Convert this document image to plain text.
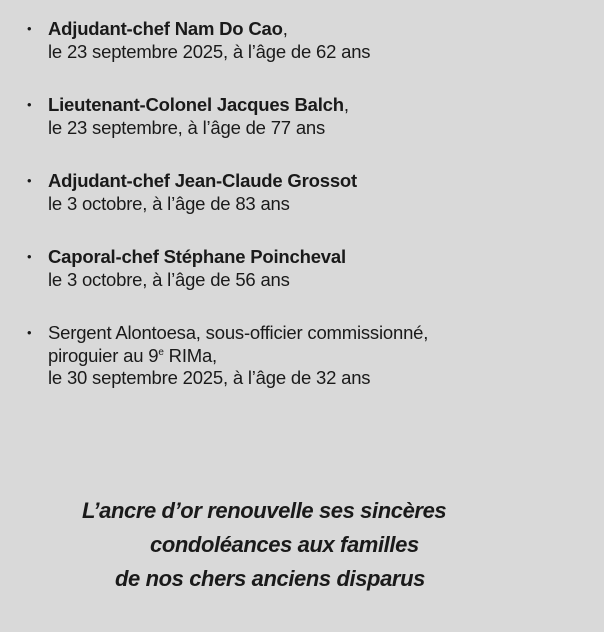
• Adjudant-chef Nam Do Cao,
le 23 septembre 2025, à l’âge de 62 ans
• Lieutenant-Colonel Jacques Balch,
le 23 septembre, à l’âge de 77 ans
• Adjudant-chef Jean-Claude Grossot
le 3 octobre, à l’âge de 83 ans
• Caporal-chef Stéphane Poincheval
le 3 octobre, à l’âge de 56 ans
• Sergent Alontoesa, sous-officier commissionné,
piroguier au 9e RIMa,
le 30 septembre 2025, à l’âge de 32 ans
L’ancre d’or renouvelle ses sincères
condoléances aux familles
de nos chers anciens disparus
